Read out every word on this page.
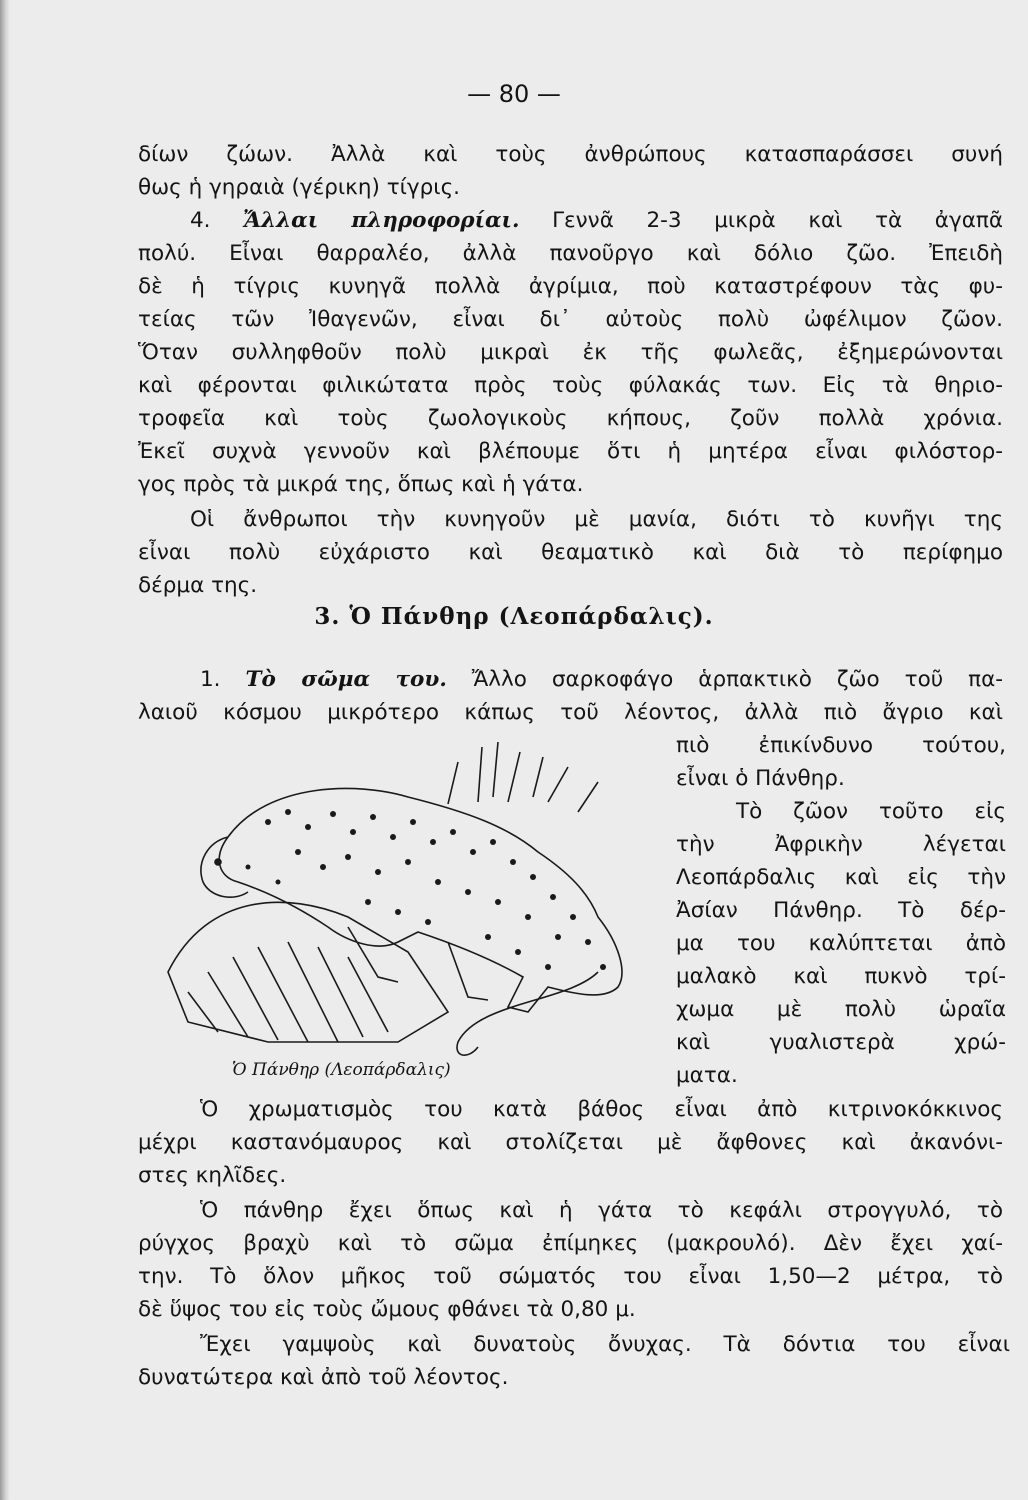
— 80 —
δίων ζώων. Ἀλλὰ καὶ τοὺς ἀνθρώπους κατασπαράσσει συνή
θως ἡ γηραιὰ (γέρικη) τίγρις.
4. Ἄλλαι πληροφορίαι. Γεννᾶ 2-3 μικρὰ καὶ τὰ ἀγαπᾶ
πολύ. Εἶναι θαρραλέο, ἀλλὰ πανοῦργο καὶ δόλιο ζῶο. Ἐπειδὴ
δὲ ἡ τίγρις κυνηγᾶ πολλὰ ἀγρίμια, ποὺ καταστρέφουν τὰς φυ-
τείας τῶν Ἰθαγενῶν, εἶναι δι᾿ αὐτοὺς πολὺ ὠφέλιμον ζῶον.
Ὅταν συλληφθοῦν πολὺ μικραὶ ἐκ τῆς φωλεᾶς, ἐξημερώνονται
καὶ φέρονται φιλικώτατα πρὸς τοὺς φύλακάς των. Εἰς τὰ θηριο-
τροφεῖα καὶ τοὺς ζωολογικοὺς κήπους, ζοῦν πολλὰ χρόνια.
Ἐκεῖ συχνὰ γεννοῦν καὶ βλέπουμε ὅτι ἡ μητέρα εἶναι φιλόστορ-
γος πρὸς τὰ μικρά της, ὅπως καὶ ἡ γάτα.
Οἱ ἄνθρωποι τὴν κυνηγοῦν μὲ μανία, διότι τὸ κυνῆγι της
εἶναι πολὺ εὐχάριστο καὶ θεαματικὸ καὶ διὰ τὸ περίφημο
δέρμα της.
3. Ὁ Πάνθηρ (Λεοπάρδαλις).
1. Τὸ σῶμα του. Ἄλλο σαρκοφάγο ἁρπακτικὸ ζῶο τοῦ πα-
λαιοῦ κόσμου μικρότερο κάπως τοῦ λέοντος, ἀλλὰ πιὸ ἄγριο καὶ
πιὸ ἐπικίνδυνο τούτου,
εἶναι ὁ Πάνθηρ.
Τὸ ζῶον τοῦτο εἰς
τὴν Ἀφρικὴν λέγεται
Λεοπάρδαλις καὶ εἰς τὴν
Ἀσίαν Πάνθηρ. Τὸ δέρ-
μα του καλύπτεται ἀπὸ
μαλακὸ καὶ πυκνὸ τρί-
χωμα μὲ πολὺ ὡραῖα
καὶ γυαλιστερὰ χρώ-
ματα.
Ὁ Πάνθηρ (Λεοπάρδαλις)
Ὁ χρωματισμὸς του κατὰ βάθος εἶναι ἀπὸ κιτρινοκόκκινος
μέχρι καστανόμαυρος καὶ στολίζεται μὲ ἄφθονες καὶ ἀκανόνι-
στες κηλῖδες.
Ὁ πάνθηρ ἔχει ὅπως καὶ ἡ γάτα τὸ κεφάλι στρογγυλό, τὸ
ρύγχος βραχὺ καὶ τὸ σῶμα ἐπίμηκες (μακρουλό). Δὲν ἔχει χαί-
την. Τὸ ὅλον μῆκος τοῦ σώματός του εἶναι 1,50—2 μέτρα, τὸ
δὲ ὕψος του εἰς τοὺς ὤμους φθάνει τὰ 0,80 μ.
Ἔχει γαμψοὺς καὶ δυνατοὺς ὄνυχας. Τὰ δόντια του εἶναι
δυνατώτερα καὶ ἀπὸ τοῦ λέοντος.
